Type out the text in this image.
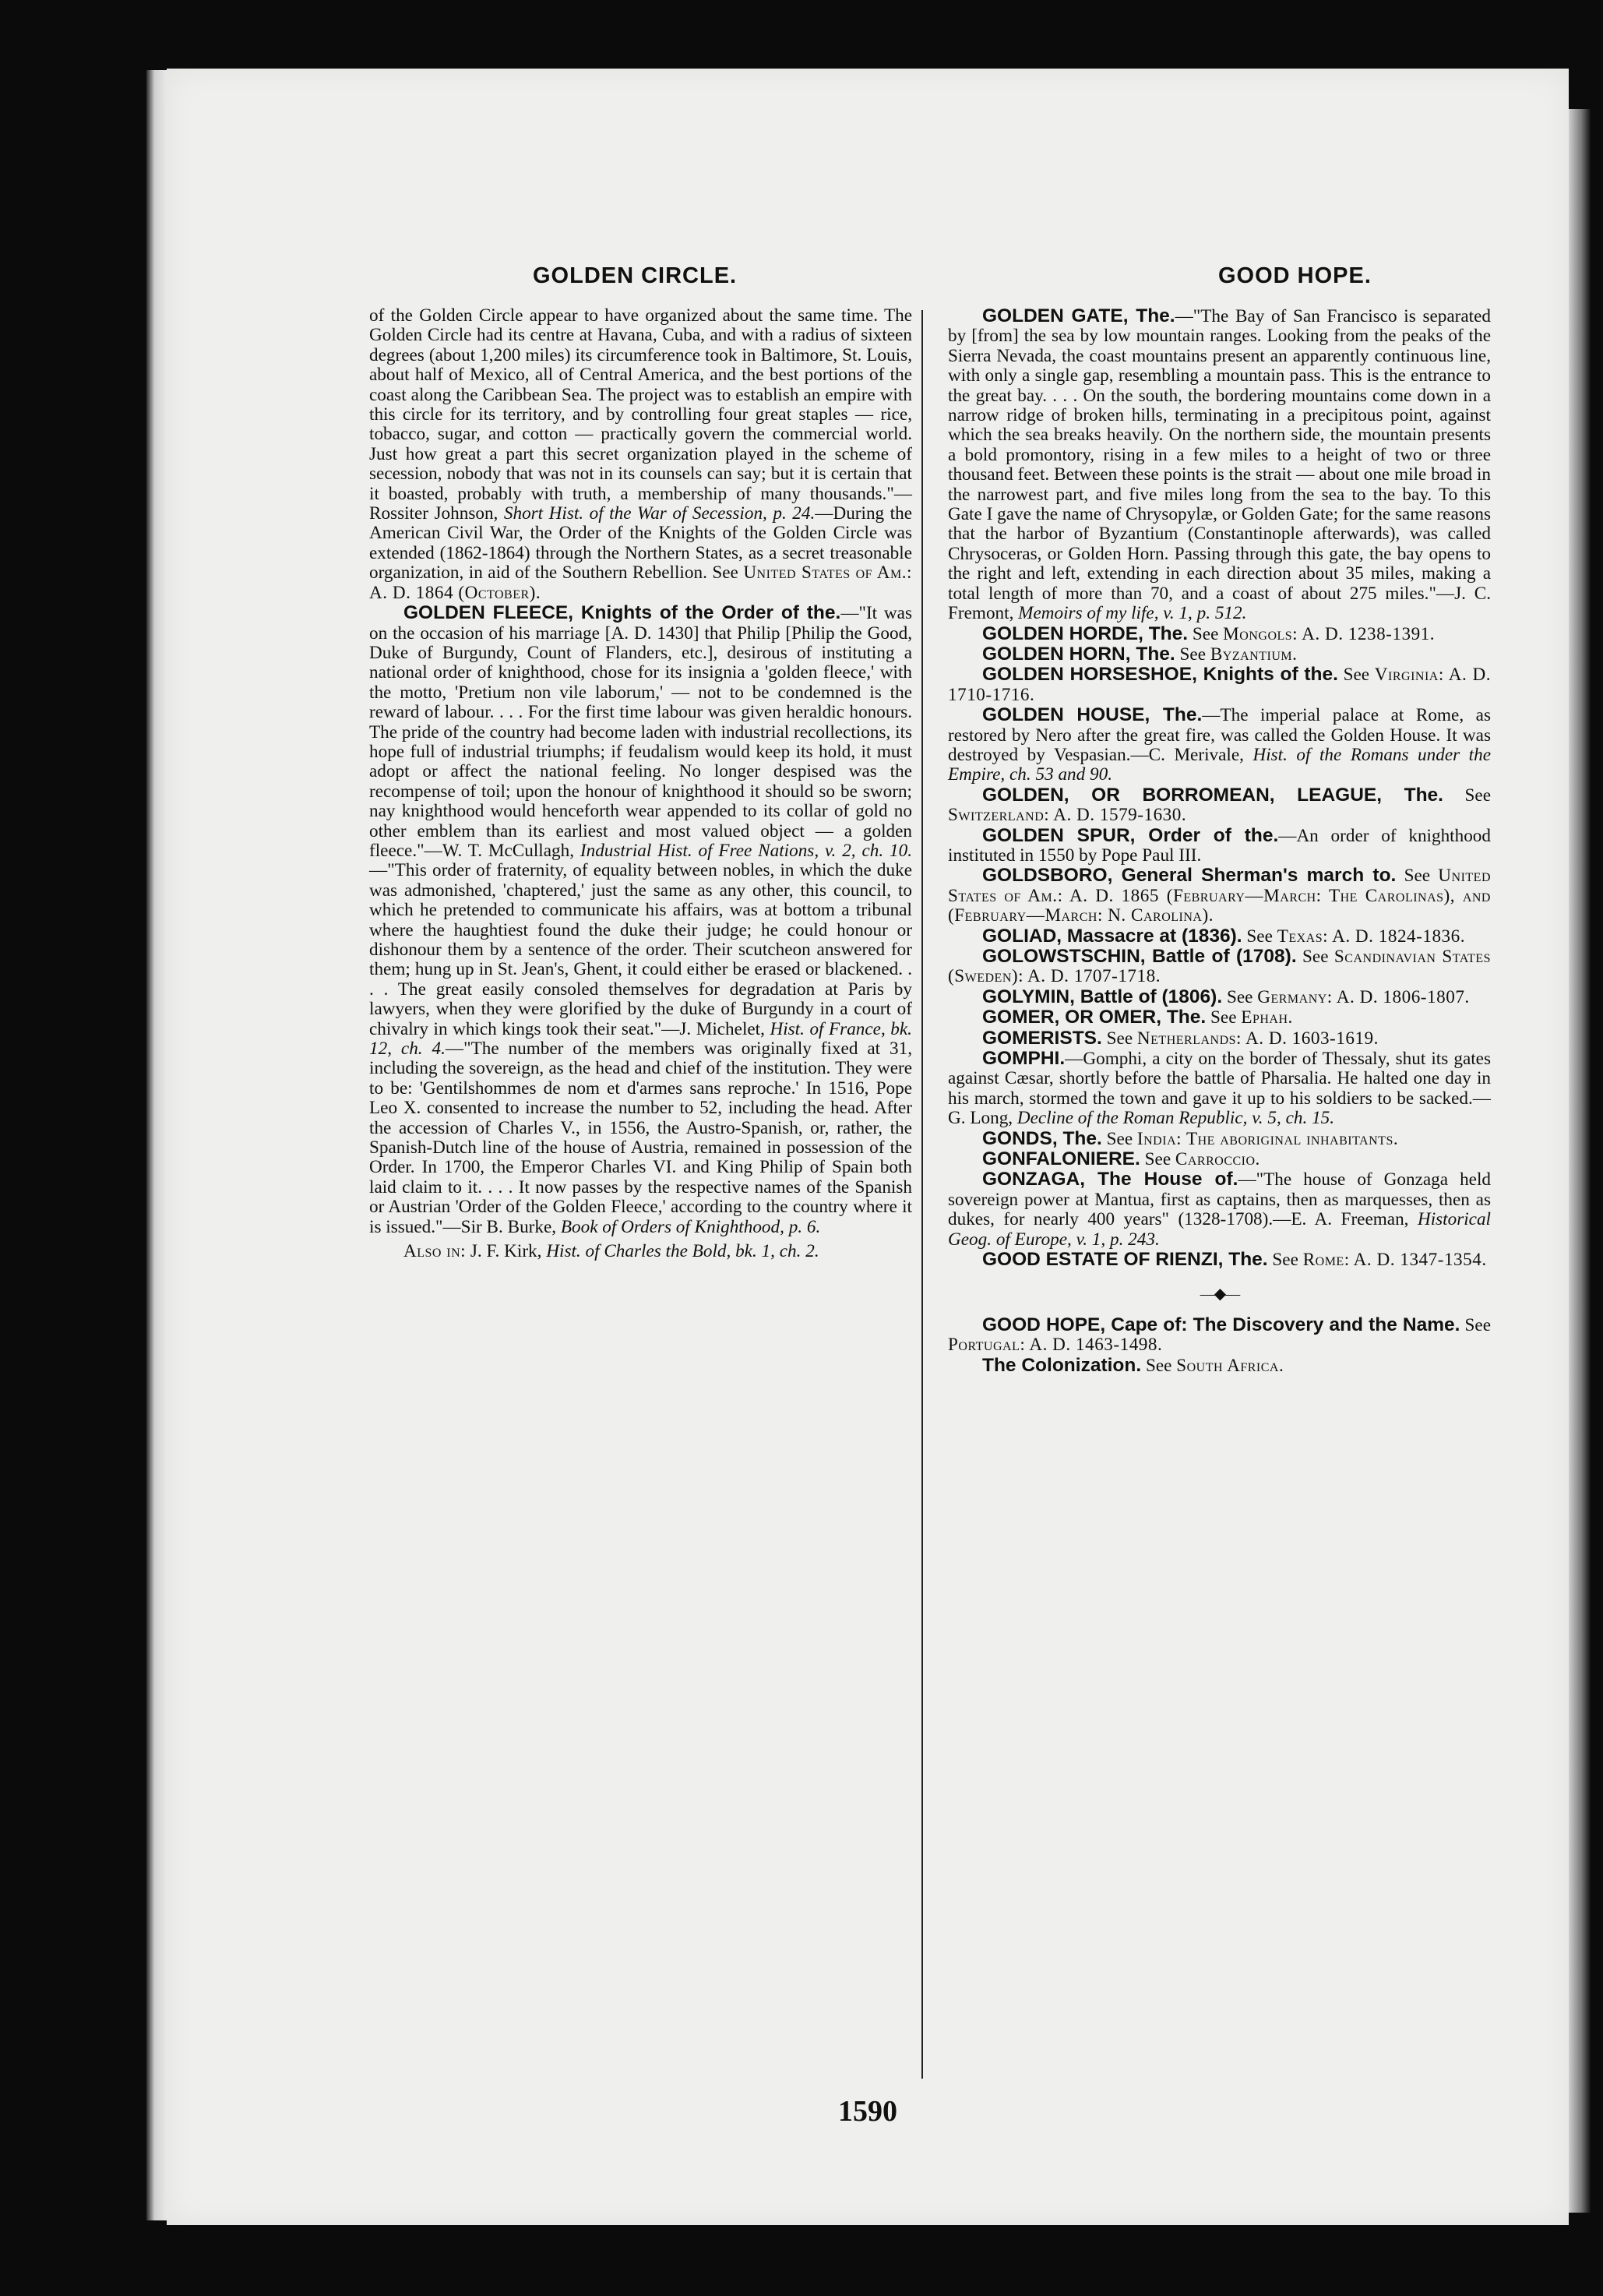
GOLDEN CIRCLE.	GOOD HOPE.

of the Golden Circle appear to have organized about the same time. The Golden Circle had its centre at Havana, Cuba, and with a radius of sixteen degrees (about 1,200 miles) its circumference took in Baltimore, St. Louis, about half of Mexico, all of Central America, and the best portions of the coast along the Caribbean Sea. The project was to establish an empire with this circle for its territory, and by controlling four great staples — rice, tobacco, sugar, and cotton — practically govern the commercial world. Just how great a part this secret organization played in the scheme of secession, nobody that was not in its counsels can say; but it is certain that it boasted, probably with truth, a membership of many thousands."—Rossiter Johnson, Short Hist. of the War of Secession, p. 24.—During the American Civil War, the Order of the Knights of the Golden Circle was extended (1862-1864) through the Northern States, as a secret treasonable organization, in aid of the Southern Rebellion. See United States of Am.: A. D. 1864 (October).

GOLDEN FLEECE, Knights of the Order of the.—"It was on the occasion of his marriage [A. D. 1430] that Philip [Philip the Good, Duke of Burgundy, Count of Flanders, etc.], desirous of instituting a national order of knighthood, chose for its insignia a 'golden fleece,' with the motto, 'Pretium non vile laborum,' — not to be condemned is the reward of labour. . . . For the first time labour was given heraldic honours. The pride of the country had become laden with industrial recollections, its hope full of industrial triumphs; if feudalism would keep its hold, it must adopt or affect the national feeling. No longer despised was the recompense of toil; upon the honour of knighthood it should so be sworn; nay knighthood would henceforth wear appended to its collar of gold no other emblem than its earliest and most valued object — a golden fleece."—W. T. McCullagh, Industrial Hist. of Free Nations, v. 2, ch. 10.—"This order of fraternity, of equality between nobles, in which the duke was admonished, 'chaptered,' just the same as any other, this council, to which he pretended to communicate his affairs, was at bottom a tribunal where the haughtiest found the duke their judge; he could honour or dishonour them by a sentence of the order. Their scutcheon answered for them; hung up in St. Jean's, Ghent, it could either be erased or blackened. . . . The great easily consoled themselves for degradation at Paris by lawyers, when they were glorified by the duke of Burgundy in a court of chivalry in which kings took their seat."—J. Michelet, Hist. of France, bk. 12, ch. 4.—"The number of the members was originally fixed at 31, including the sovereign, as the head and chief of the institution. They were to be: 'Gentilshommes de nom et d'armes sans reproche.' In 1516, Pope Leo X. consented to increase the number to 52, including the head. After the accession of Charles V., in 1556, the Austro-Spanish, or, rather, the Spanish-Dutch line of the house of Austria, remained in possession of the Order. In 1700, the Emperor Charles VI. and King Philip of Spain both laid claim to it. . . . It now passes by the respective names of the Spanish or Austrian 'Order of the Golden Fleece,' according to the country where it is issued."—Sir B. Burke, Book of Orders of Knighthood, p. 6.

Also in: J. F. Kirk, Hist. of Charles the Bold, bk. 1, ch. 2.

GOLDEN GATE, The.—"The Bay of San Francisco is separated by [from] the sea by low mountain ranges. Looking from the peaks of the Sierra Nevada, the coast mountains present an apparently continuous line, with only a single gap, resembling a mountain pass. This is the entrance to the great bay. . . . On the south, the bordering mountains come down in a narrow ridge of broken hills, terminating in a precipitous point, against which the sea breaks heavily. On the northern side, the mountain presents a bold promontory, rising in a few miles to a height of two or three thousand feet. Between these points is the strait — about one mile broad in the narrowest part, and five miles long from the sea to the bay. To this Gate I gave the name of Chrysopylæ, or Golden Gate; for the same reasons that the harbor of Byzantium (Constantinople afterwards), was called Chrysoceras, or Golden Horn. Passing through this gate, the bay opens to the right and left, extending in each direction about 35 miles, making a total length of more than 70, and a coast of about 275 miles."—J. C. Fremont, Memoirs of my life, v. 1, p. 512.

GOLDEN HORDE, The. See Mongols: A. D. 1238-1391.

GOLDEN HORN, The. See Byzantium.

GOLDEN HORSESHOE, Knights of the. See Virginia: A. D. 1710-1716.

GOLDEN HOUSE, The.—The imperial palace at Rome, as restored by Nero after the great fire, was called the Golden House. It was destroyed by Vespasian.—C. Merivale, Hist. of the Romans under the Empire, ch. 53 and 90.

GOLDEN, OR BORROMEAN, LEAGUE, The. See Switzerland: A. D. 1579-1630.

GOLDEN SPUR, Order of the.—An order of knighthood instituted in 1550 by Pope Paul III.

GOLDSBORO, General Sherman's march to. See United States of Am.: A. D. 1865 (February—March: The Carolinas), and (February—March: N. Carolina).

GOLIAD, Massacre at (1836). See Texas: A. D. 1824-1836.

GOLOWSTSCHIN, Battle of (1708). See Scandinavian States (Sweden): A. D. 1707-1718.

GOLYMIN, Battle of (1806). See Germany: A. D. 1806-1807.

GOMER, OR OMER, The. See Ephah.

GOMERISTS. See Netherlands: A. D. 1603-1619.

GOMPHI.—Gomphi, a city on the border of Thessaly, shut its gates against Cæsar, shortly before the battle of Pharsalia. He halted one day in his march, stormed the town and gave it up to his soldiers to be sacked.—G. Long, Decline of the Roman Republic, v. 5, ch. 15.

GONDS, The. See India: The aboriginal inhabitants.

GONFALONIERE. See Carroccio.

GONZAGA, The House of.—"The house of Gonzaga held sovereign power at Mantua, first as captains, then as marquesses, then as dukes, for nearly 400 years" (1328-1708).—E. A. Freeman, Historical Geog. of Europe, v. 1, p. 243.

GOOD ESTATE OF RIENZI, The. See Rome: A. D. 1347-1354.

—◆—

GOOD HOPE, Cape of: The Discovery and the Name. See Portugal: A. D. 1463-1498.

The Colonization. See South Africa.

1590
